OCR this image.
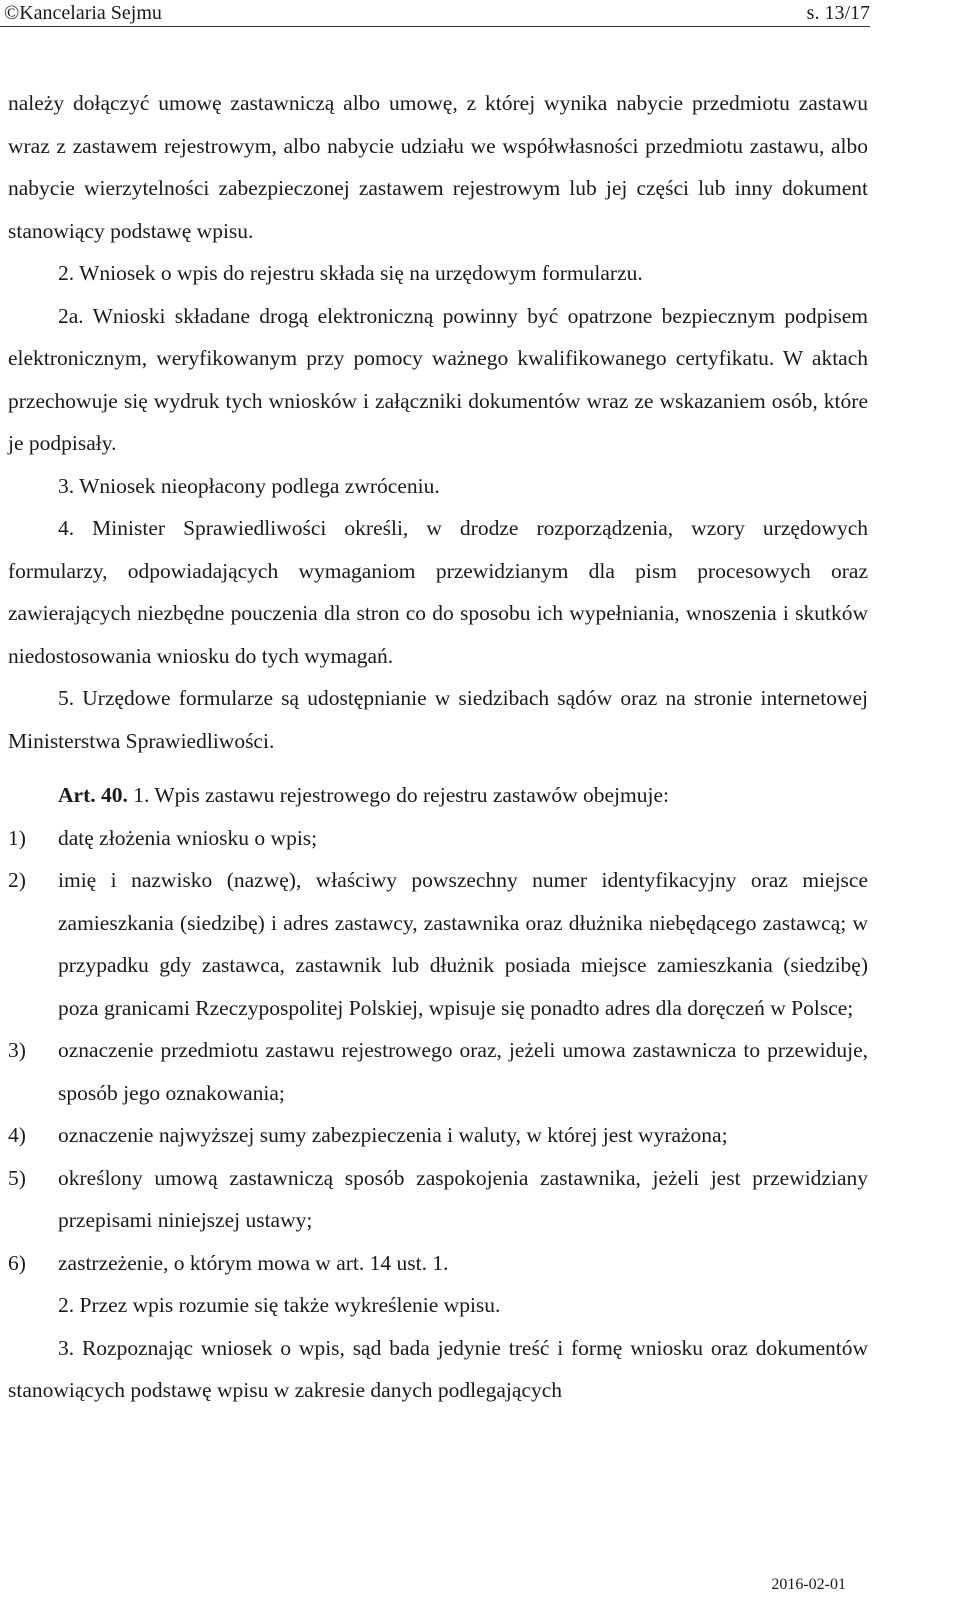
©Kancelaria Sejmu	s. 13/17

należy dołączyć umowę zastawniczą albo umowę, z której wynika nabycie przedmiotu zastawu wraz z zastawem rejestrowym, albo nabycie udziału we współwłasności przedmiotu zastawu, albo nabycie wierzytelności zabezpieczonej zastawem rejestrowym lub jej części lub inny dokument stanowiący podstawę wpisu.

2. Wniosek o wpis do rejestru składa się na urzędowym formularzu.

2a. Wnioski składane drogą elektroniczną powinny być opatrzone bezpiecznym podpisem elektronicznym, weryfikowanym przy pomocy ważnego kwalifikowanego certyfikatu. W aktach przechowuje się wydruk tych wniosków i załączniki dokumentów wraz ze wskazaniem osób, które je podpisały.

3. Wniosek nieopłacony podlega zwróceniu.

4. Minister Sprawiedliwości określi, w drodze rozporządzenia, wzory urzędowych formularzy, odpowiadających wymaganiom przewidzianym dla pism procesowych oraz zawierających niezbędne pouczenia dla stron co do sposobu ich wypełniania, wnoszenia i skutków niedostosowania wniosku do tych wymagań.

5. Urzędowe formularze są udostępnianie w siedzibach sądów oraz na stronie internetowej Ministerstwa Sprawiedliwości.

Art. 40. 1. Wpis zastawu rejestrowego do rejestru zastawów obejmuje:

1)	datę złożenia wniosku o wpis;
2)	imię i nazwisko (nazwę), właściwy powszechny numer identyfikacyjny oraz miejsce zamieszkania (siedzibę) i adres zastawcy, zastawnika oraz dłużnika niebędącego zastawcą; w przypadku gdy zastawca, zastawnik lub dłużnik posiada miejsce zamieszkania (siedzibę) poza granicami Rzeczypospolitej Polskiej, wpisuje się ponadto adres dla doręczeń w Polsce;
3)	oznaczenie przedmiotu zastawu rejestrowego oraz, jeżeli umowa zastawnicza to przewiduje, sposób jego oznakowania;
4)	oznaczenie najwyższej sumy zabezpieczenia i waluty, w której jest wyrażona;
5)	określony umową zastawniczą sposób zaspokojenia zastawnika, jeżeli jest przewidziany przepisami niniejszej ustawy;
6)	zastrzeżenie, o którym mowa w art. 14 ust. 1.

2. Przez wpis rozumie się także wykreślenie wpisu.

3. Rozpoznając wniosek o wpis, sąd bada jedynie treść i formę wniosku oraz dokumentów stanowiących podstawę wpisu w zakresie danych podlegających

2016-02-01
